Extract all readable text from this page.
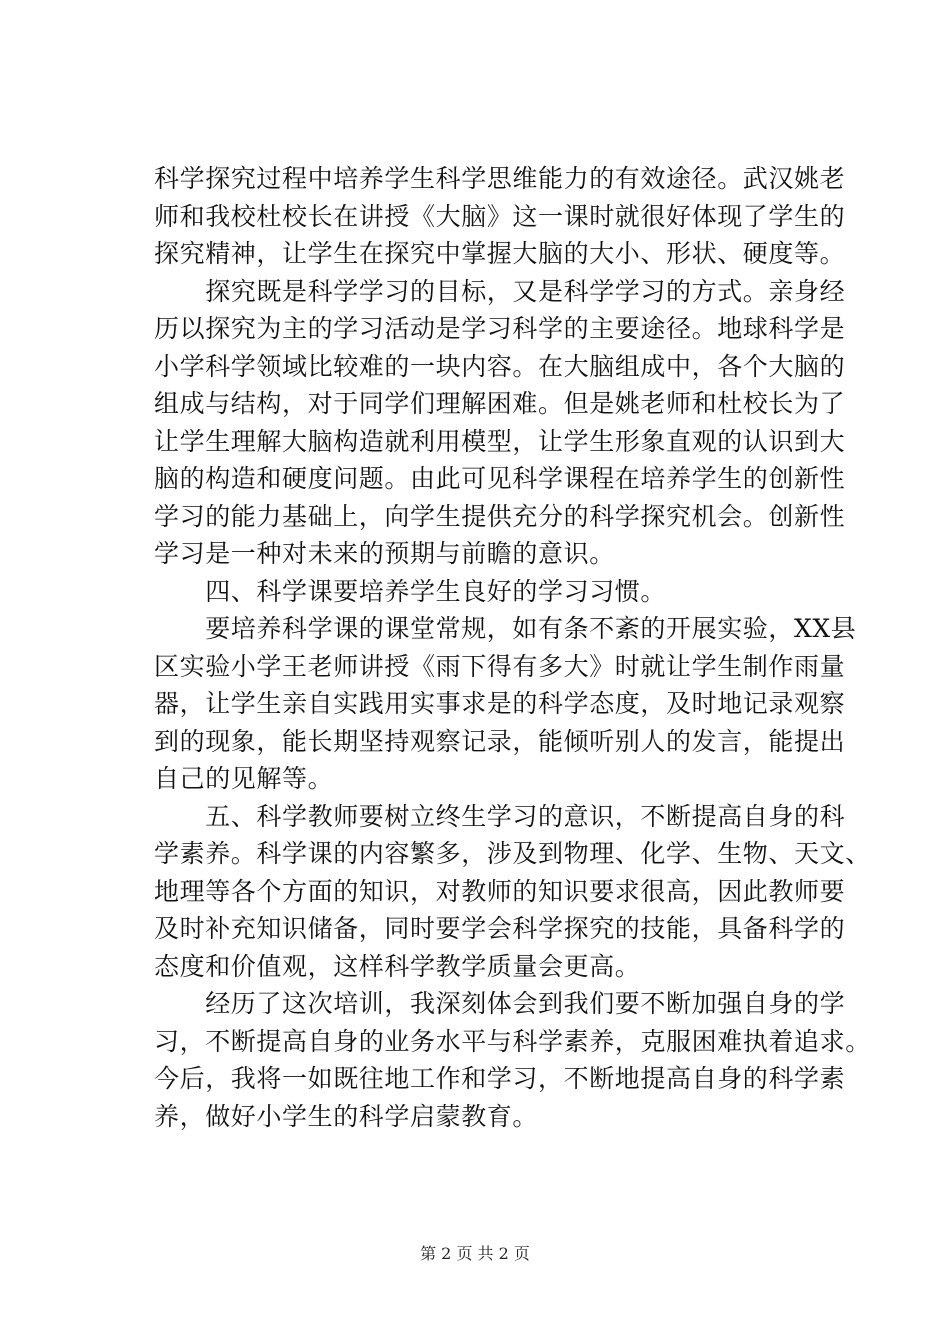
科学探究过程中培养学生科学思维能力的有效途径。武汉姚老
师和我校杜校长在讲授《大脑》这一课时就很好体现了学生的
探究精神，让学生在探究中掌握大脑的大小、形状、硬度等。
　　探究既是科学学习的目标，又是科学学习的方式。亲身经
历以探究为主的学习活动是学习科学的主要途径。地球科学是
小学科学领域比较难的一块内容。在大脑组成中，各个大脑的
组成与结构，对于同学们理解困难。但是姚老师和杜校长为了
让学生理解大脑构造就利用模型，让学生形象直观的认识到大
脑的构造和硬度问题。由此可见科学课程在培养学生的创新性
学习的能力基础上，向学生提供充分的科学探究机会。创新性
学习是一种对未来的预期与前瞻的意识。
　　四、科学课要培养学生良好的学习习惯。
　　要培养科学课的课堂常规，如有条不紊的开展实验，XX县
区实验小学王老师讲授《雨下得有多大》时就让学生制作雨量
器，让学生亲自实践用实事求是的科学态度，及时地记录观察
到的现象，能长期坚持观察记录，能倾听别人的发言，能提出
自己的见解等。
　　五、科学教师要树立终生学习的意识，不断提高自身的科
学素养。科学课的内容繁多，涉及到物理、化学、生物、天文、
地理等各个方面的知识，对教师的知识要求很高，因此教师要
及时补充知识储备，同时要学会科学探究的技能，具备科学的
态度和价值观，这样科学教学质量会更高。
　　经历了这次培训，我深刻体会到我们要不断加强自身的学
习，不断提高自身的业务水平与科学素养，克服困难执着追求。
今后，我将一如既往地工作和学习，不断地提高自身的科学素
养，做好小学生的科学启蒙教育。
第 2 页 共 2 页
